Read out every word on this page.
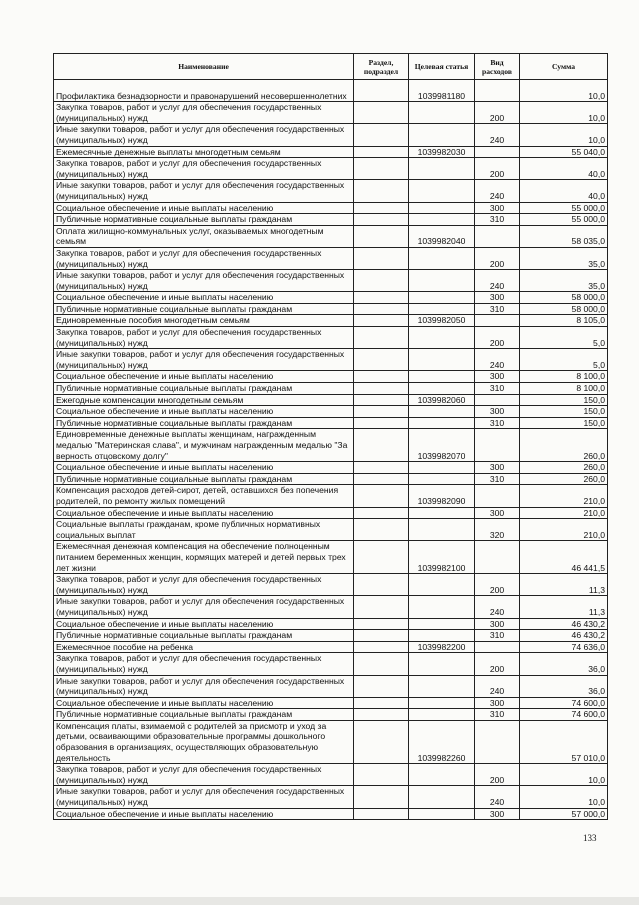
Наименование	Раздел, подраздел	Целевая статья	Вид расходов	Сумма
Профилактика безнадзорности и правонарушений несовершеннолетних		1039981180		10,0
Закупка товаров, работ и услуг для обеспечения государственных (муниципальных) нужд			200	10,0
Иные закупки товаров, работ и услуг для обеспечения государственных (муниципальных) нужд			240	10,0
Ежемесячные денежные выплаты многодетным семьям		1039982030		55 040,0
Закупка товаров, работ и услуг для обеспечения государственных (муниципальных) нужд			200	40,0
Иные закупки товаров, работ и услуг для обеспечения государственных (муниципальных) нужд			240	40,0
Социальное обеспечение и иные выплаты населению			300	55 000,0
Публичные нормативные социальные выплаты гражданам			310	55 000,0
Оплата жилищно-коммунальных услуг, оказываемых многодетным семьям		1039982040		58 035,0
Закупка товаров, работ и услуг для обеспечения государственных (муниципальных) нужд			200	35,0
Иные закупки товаров, работ и услуг для обеспечения государственных (муниципальных) нужд			240	35,0
Социальное обеспечение и иные выплаты населению			300	58 000,0
Публичные нормативные социальные выплаты гражданам			310	58 000,0
Единовременные пособия многодетным семьям		1039982050		8 105,0
Закупка товаров, работ и услуг для обеспечения государственных (муниципальных) нужд			200	5,0
Иные закупки товаров, работ и услуг для обеспечения государственных (муниципальных) нужд			240	5,0
Социальное обеспечение и иные выплаты населению			300	8 100,0
Публичные нормативные социальные выплаты гражданам			310	8 100,0
Ежегодные компенсации многодетным семьям		1039982060		150,0
Социальное обеспечение и иные выплаты населению			300	150,0
Публичные нормативные социальные выплаты гражданам			310	150,0
Единовременные денежные выплаты женщинам, награжденным медалью "Материнская слава", и мужчинам награжденным медалью "За верность отцовскому долгу"		1039982070		260,0
Социальное обеспечение и иные выплаты населению			300	260,0
Публичные нормативные социальные выплаты гражданам			310	260,0
Компенсация расходов детей-сирот, детей, оставшихся без попечения родителей, по ремонту жилых помещений		1039982090		210,0
Социальное обеспечение и иные выплаты населению			300	210,0
Социальные выплаты гражданам, кроме публичных нормативных социальных выплат			320	210,0
Ежемесячная денежная компенсация на обеспечение полноценным питанием беременных женщин, кормящих матерей и детей первых трех лет жизни		1039982100		46 441,5
Закупка товаров, работ и услуг для обеспечения государственных (муниципальных) нужд			200	11,3
Иные закупки товаров, работ и услуг для обеспечения государственных (муниципальных) нужд			240	11,3
Социальное обеспечение и иные выплаты населению			300	46 430,2
Публичные нормативные социальные выплаты гражданам			310	46 430,2
Ежемесячное пособие на ребенка		1039982200		74 636,0
Закупка товаров, работ и услуг для обеспечения государственных (муниципальных) нужд			200	36,0
Иные закупки товаров, работ и услуг для обеспечения государственных (муниципальных) нужд			240	36,0
Социальное обеспечение и иные выплаты населению			300	74 600,0
Публичные нормативные социальные выплаты гражданам			310	74 600,0
Компенсация платы, взимаемой с родителей за присмотр и уход за детьми, осваивающими образовательные программы дошкольного образования в организациях, осуществляющих образовательную деятельность		1039982260		57 010,0
Закупка товаров, работ и услуг для обеспечения государственных (муниципальных) нужд			200	10,0
Иные закупки товаров, работ и услуг для обеспечения государственных (муниципальных) нужд			240	10,0
Социальное обеспечение и иные выплаты населению			300	57 000,0
133
